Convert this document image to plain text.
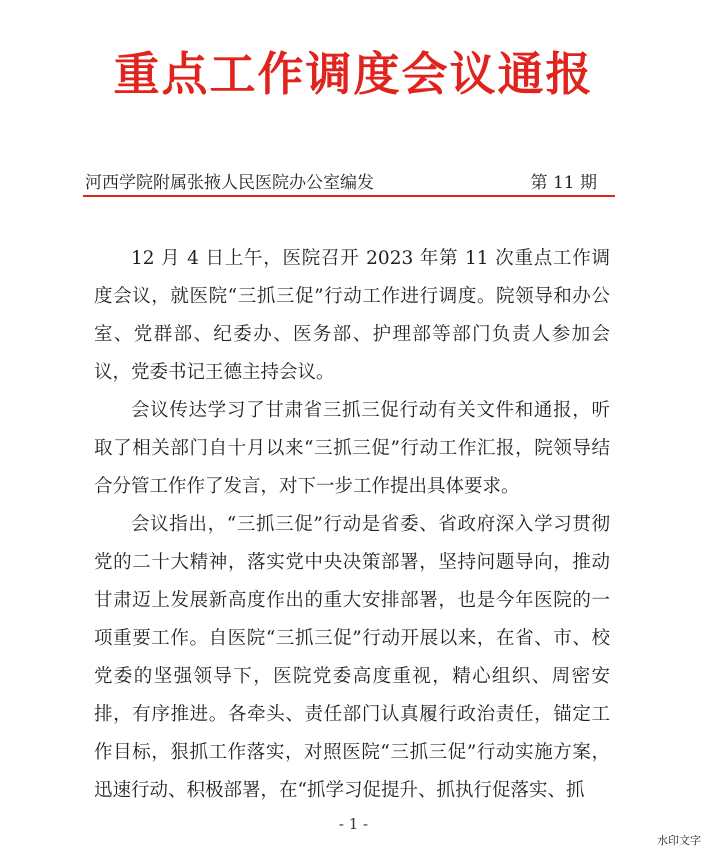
重点工作调度会议通报
河西学院附属张掖人民医院办公室编发	第 11 期

12 月 4 日上午，医院召开 2023 年第 11 次重点工作调度会议，就医院“三抓三促”行动工作进行调度。院领导和办公室、党群部、纪委办、医务部、护理部等部门负责人参加会议，党委书记王德主持会议。

会议传达学习了甘肃省三抓三促行动有关文件和通报，听取了相关部门自十月以来“三抓三促”行动工作汇报，院领导结合分管工作作了发言，对下一步工作提出具体要求。

会议指出，“三抓三促”行动是省委、省政府深入学习贯彻党的二十大精神，落实党中央决策部署，坚持问题导向，推动甘肃迈上发展新高度作出的重大安排部署，也是今年医院的一项重要工作。自医院“三抓三促”行动开展以来，在省、市、校党委的坚强领导下，医院党委高度重视，精心组织、周密安排，有序推进。各牵头、责任部门认真履行政治责任，锚定工作目标，狠抓工作落实，对照医院“三抓三促”行动实施方案，迅速行动、积极部署，在“抓学习促提升、抓执行促落实、抓

- 1 -
水印文字
